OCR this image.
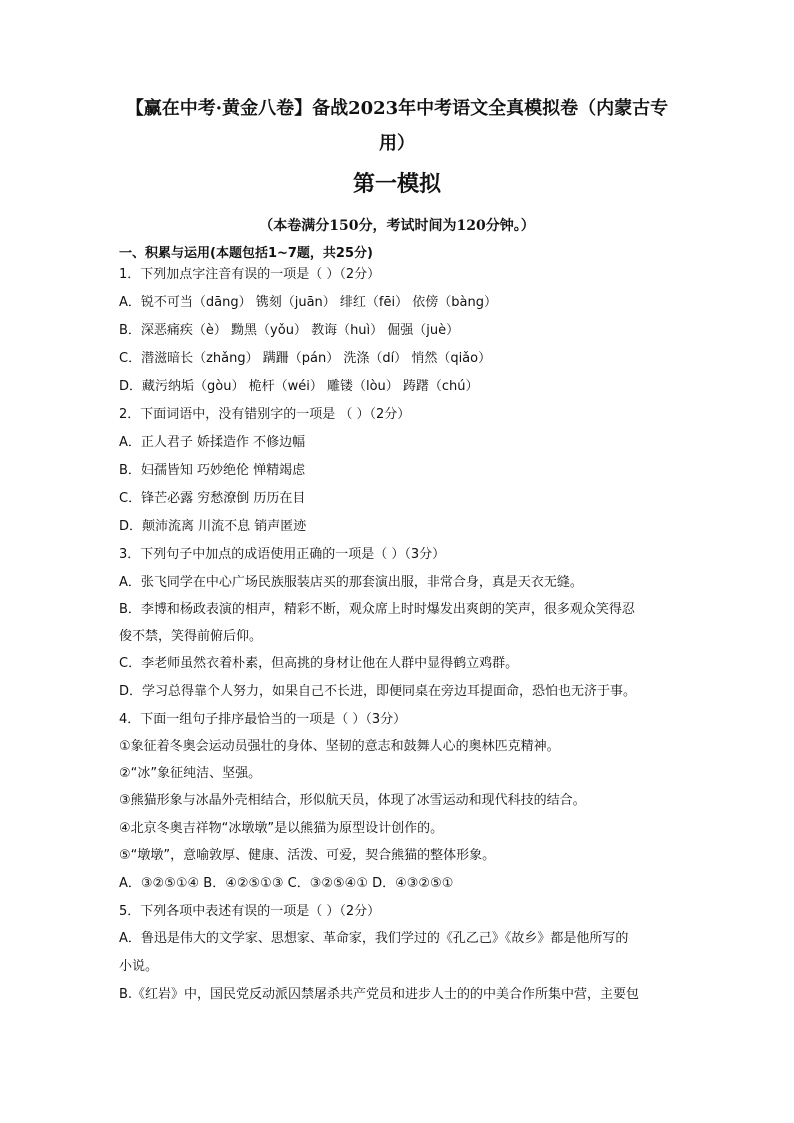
【赢在中考·黄金八卷】备战2023年中考语文全真模拟卷（内蒙古专
用）
第一模拟
（本卷满分150分，考试时间为120分钟。）
一、积累与运用(本题包括1~7题，共25分)
1．下列加点字注音有误的一项是（ ）（2分）
A．锐不可当（dāng） 镌刻（juān） 绯红（fēi） 依傍（bàng）
B．深恶痛疾（è） 黝黑（yǒu） 教诲（huì） 倔强（juè）
C．潜滋暗长（zhǎng） 蹒跚（pán） 洗涤（dí） 悄然（qiǎo）
D．藏污纳垢（gòu） 桅杆（wéi） 雕镂（lòu） 踌躇（chú）
2．下面词语中，没有错别字的一项是 （ ）（2分）
A．正人君子 娇揉造作 不修边幅
B．妇孺皆知 巧妙绝伦 惮精竭虑
C．锋芒必露 穷愁潦倒 历历在目
D．颠沛流离 川流不息 销声匿迹
3．下列句子中加点的成语使用正确的一项是（ ）（3分）
A．张飞同学在中心广场民族服装店买的那套演出服，非常合身，真是天衣无缝。
B．李博和杨政表演的相声，精彩不断，观众席上时时爆发出爽朗的笑声，很多观众笑得忍
俊不禁，笑得前俯后仰。
C．李老师虽然衣着朴素，但高挑的身材让他在人群中显得鹤立鸡群。
D．学习总得靠个人努力，如果自己不长进，即便同桌在旁边耳提面命，恐怕也无济于事。
4．下面一组句子排序最恰当的一项是（ ）（3分）
①象征着冬奥会运动员强壮的身体、坚韧的意志和鼓舞人心的奥林匹克精神。
②“冰”象征纯洁、坚强。
③熊猫形象与冰晶外壳相结合，形似航天员，体现了冰雪运动和现代科技的结合。
④北京冬奥吉祥物“冰墩墩”是以熊猫为原型设计创作的。
⑤“墩墩”，意喻敦厚、健康、活泼、可爱，契合熊猫的整体形象。
A．③②⑤①④ B．④②⑤①③ C．③②⑤④① D．④③②⑤①
5．下列各项中表述有误的一项是（ ）（2分）
A．鲁迅是伟大的文学家、思想家、革命家，我们学过的《孔乙己》《故乡》都是他所写的
小说。
B.《红岩》中，国民党反动派囚禁屠杀共产党员和进步人士的的中美合作所集中营，主要包
